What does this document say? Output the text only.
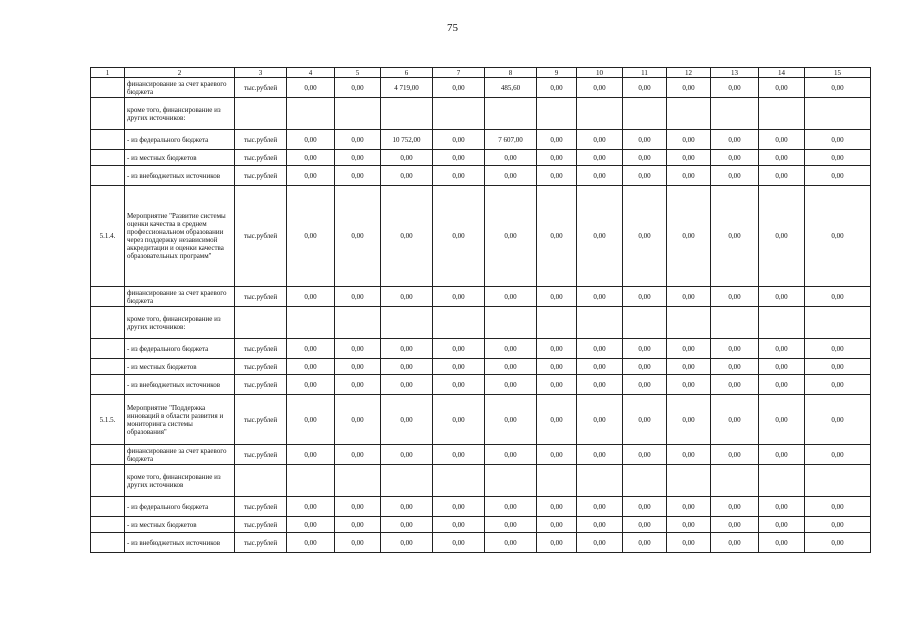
75
1	2	3	4	5	6	7	8	9	10	11	12	13	14	15
	финансирование за счет краевого бюджета	тыс.рублей	0,00	0,00	4 719,00	0,00	485,60	0,00	0,00	0,00	0,00	0,00	0,00	0,00
	кроме того, финансирование из других источников:													
	- из федерального бюджета	тыс.рублей	0,00	0,00	10 752,00	0,00	7 607,00	0,00	0,00	0,00	0,00	0,00	0,00	0,00
	- из местных бюджетов	тыс.рублей	0,00	0,00	0,00	0,00	0,00	0,00	0,00	0,00	0,00	0,00	0,00	0,00
	- из внебюджетных источников	тыс.рублей	0,00	0,00	0,00	0,00	0,00	0,00	0,00	0,00	0,00	0,00	0,00	0,00
5.1.4.	Мероприятие "Развитие системы оценки качества в среднем профессиональном образовании через поддержку независимой аккредитации и оценки качества образовательных программ"	тыс.рублей	0,00	0,00	0,00	0,00	0,00	0,00	0,00	0,00	0,00	0,00	0,00	0,00
	финансирование за счет краевого бюджета	тыс.рублей	0,00	0,00	0,00	0,00	0,00	0,00	0,00	0,00	0,00	0,00	0,00	0,00
	кроме того, финансирование из других источников:													
	- из федерального бюджета	тыс.рублей	0,00	0,00	0,00	0,00	0,00	0,00	0,00	0,00	0,00	0,00	0,00	0,00
	- из местных бюджетов	тыс.рублей	0,00	0,00	0,00	0,00	0,00	0,00	0,00	0,00	0,00	0,00	0,00	0,00
	- из внебюджетных источников	тыс.рублей	0,00	0,00	0,00	0,00	0,00	0,00	0,00	0,00	0,00	0,00	0,00	0,00
5.1.5.	Мероприятие "Поддержка инноваций в области развития и мониторинга системы образования"	тыс.рублей	0,00	0,00	0,00	0,00	0,00	0,00	0,00	0,00	0,00	0,00	0,00	0,00
	финансирование за счет краевого бюджета	тыс.рублей	0,00	0,00	0,00	0,00	0,00	0,00	0,00	0,00	0,00	0,00	0,00	0,00
	кроме того, финансирование из других источников													
	- из федерального бюджета	тыс.рублей	0,00	0,00	0,00	0,00	0,00	0,00	0,00	0,00	0,00	0,00	0,00	0,00
	- из местных бюджетов	тыс.рублей	0,00	0,00	0,00	0,00	0,00	0,00	0,00	0,00	0,00	0,00	0,00	0,00
	- из внебюджетных источников	тыс.рублей	0,00	0,00	0,00	0,00	0,00	0,00	0,00	0,00	0,00	0,00	0,00	0,00
